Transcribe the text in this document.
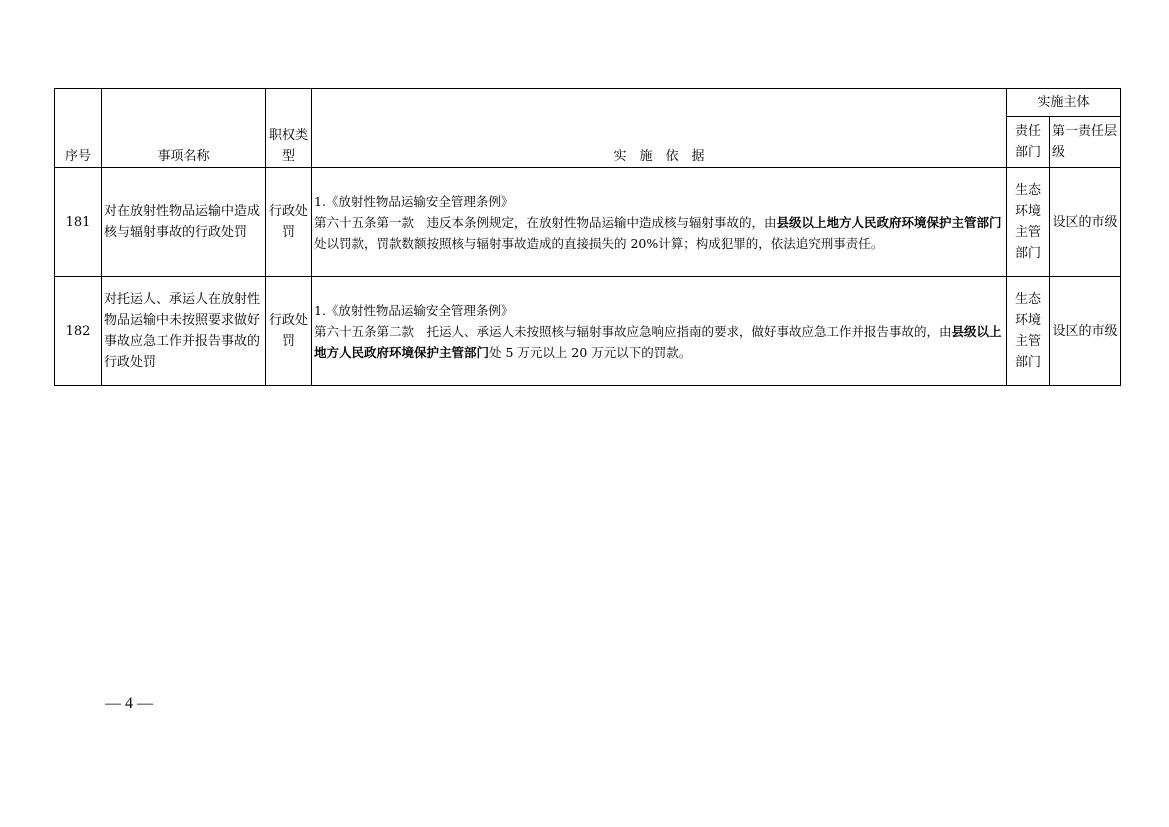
序号	事项名称	职权类型	实　施　依　据	实施主体	
				责任部门	第一责任层级
181	对在放射性物品运输中造成核与辐射事故的行政处罚	行政处罚	1.《放射性物品运输安全管理条例》
第六十五条第一款　违反本条例规定，在放射性物品运输中造成核与辐射事故的，由县级以上地方人民政府环境保护主管部门处以罚款，罚款数额按照核与辐射事故造成的直接损失的 20%计算；构成犯罪的，依法追究刑事责任。	生态环境主管部门	设区的市级
182	对托运人、承运人在放射性物品运输中未按照要求做好事故应急工作并报告事故的行政处罚	行政处罚	1.《放射性物品运输安全管理条例》
第六十五条第二款　托运人、承运人未按照核与辐射事故应急响应指南的要求，做好事故应急工作并报告事故的，由县级以上地方人民政府环境保护主管部门处 5 万元以上 20 万元以下的罚款。	生态环境主管部门	设区的市级
— 4 —
